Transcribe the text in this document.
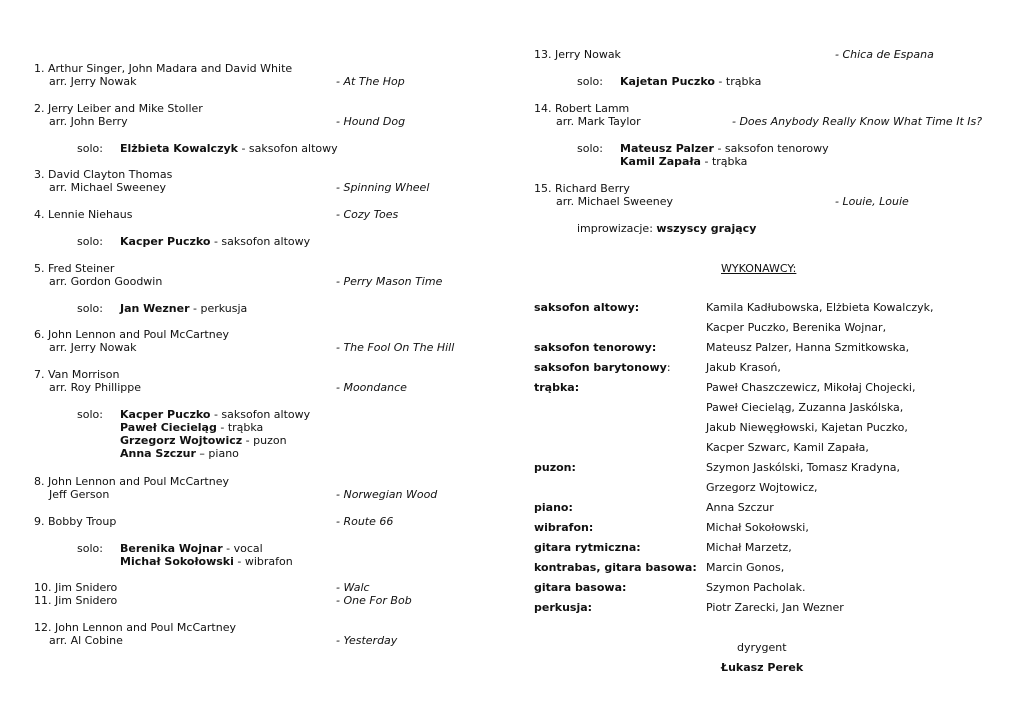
1. Arthur Singer, John Madara and David White
arr. Jerry Nowak	- At The Hop
2. Jerry Leiber and Mike Stoller
arr. John Berry	- Hound Dog
solo: Elżbieta Kowalczyk - saksofon altowy
3. David Clayton Thomas
arr. Michael Sweeney	- Spinning Wheel
4. Lennie Niehaus	- Cozy Toes
solo: Kacper Puczko - saksofon altowy
5. Fred Steiner
arr. Gordon Goodwin	- Perry Mason Time
solo: Jan Wezner - perkusja
6. John Lennon and Poul McCartney
arr. Jerry Nowak	- The Fool On The Hill
7. Van Morrison
arr. Roy Phillippe	- Moondance
solo: Kacper Puczko - saksofon altowy
Paweł Ciecieląg - trąbka
Grzegorz Wojtowicz - puzon
Anna Szczur – piano
8. John Lennon and Poul McCartney
Jeff Gerson	- Norwegian Wood
9. Bobby Troup	- Route 66
solo: Berenika Wojnar - vocal
Michał Sokołowski - wibrafon
10. Jim Snidero	- Walc
11. Jim Snidero	- One For Bob
12. John Lennon and Poul McCartney
arr. Al Cobine	- Yesterday
13. Jerry Nowak	- Chica de Espana
solo: Kajetan Puczko - trąbka
14. Robert Lamm
arr. Mark Taylor	- Does Anybody Really Know What Time It Is?
solo: Mateusz Palzer - saksofon tenorowy
Kamil Zapała - trąbka
15. Richard Berry
arr. Michael Sweeney	- Louie, Louie
WYKONAWCY:
saksofon altowy:	Kamila Kadłubowska, Elżbieta Kowalczyk,
Kacper Puczko, Berenika Wojnar,
saksofon tenorowy:	Mateusz Palzer, Hanna Szmitkowska,
saksofon barytonowy:	Jakub Krasoń,
trąbka:	Paweł Chaszczewicz, Mikołaj Chojecki,
Paweł Ciecieląg, Zuzanna Jaskólska,
Jakub Niewęgłowski, Kajetan Puczko,
Kacper Szwarc, Kamil Zapała,
puzon:	Szymon Jaskólski, Tomasz Kradyna,
Grzegorz Wojtowicz,
piano:	Anna Szczur
wibrafon:	Michał Sokołowski,
gitara rytmiczna:	Michał Marzetz,
kontrabas, gitara basowa: Marcin Gonos,
gitara basowa:	Szymon Pacholak.
perkusja:	Piotr Zarecki, Jan Wezner
dyrygent
Łukasz Perek
improwizacje: wszyscy grający
